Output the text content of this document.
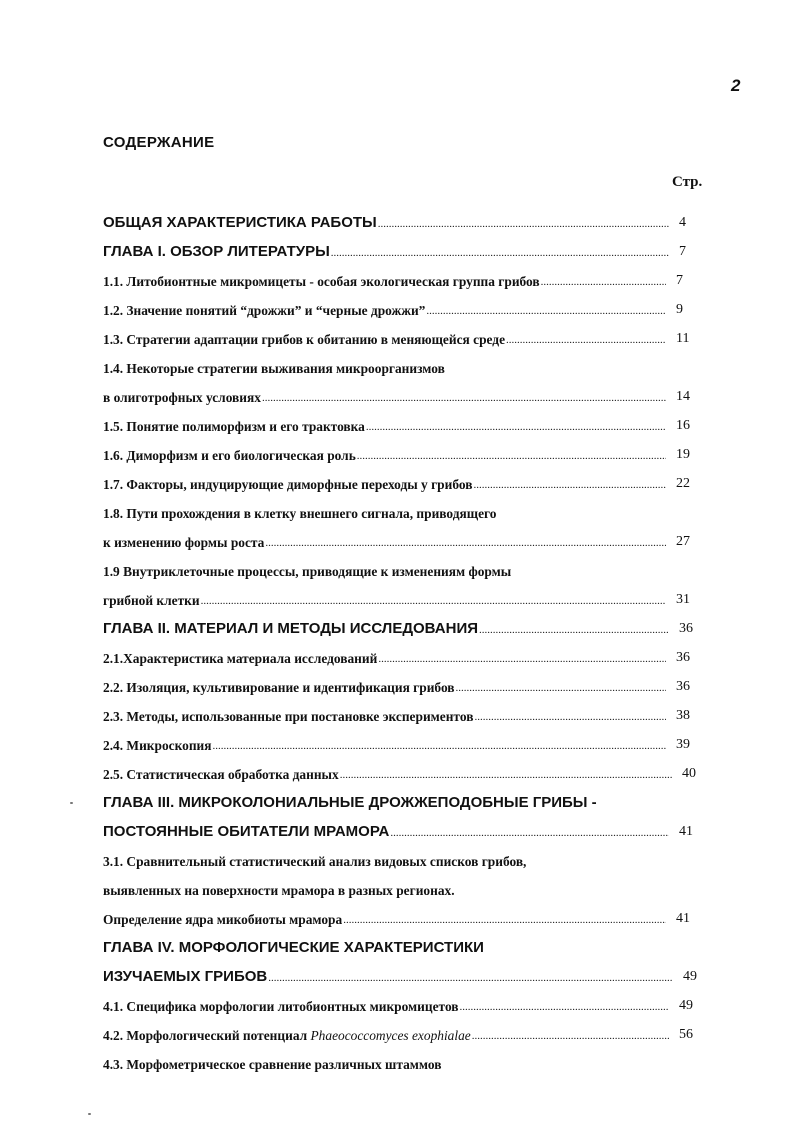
2
СОДЕРЖАНИЕ
Стр.
ОБЩАЯ ХАРАКТЕРИСТИКА РАБОТЫ .....	4
ГЛАВА I. ОБЗОР ЛИТЕРАТУРЫ .....	7
1.1. Литобионтные микромицеты - особая экологическая группа грибов .....	7
1.2. Значение понятий “дрожжи” и “черные дрожжи” .....	9
1.3. Стратегии адаптации грибов к обитанию в меняющейся среде .....	11
1.4. Некоторые стратегии выживания микроорганизмов
в олиготрофных условиях .....	14
1.5. Понятие полиморфизм и его трактовка .....	16
1.6. Диморфизм и его биологическая роль .....	19
1.7. Факторы, индуцирующие диморфные переходы у грибов .....	22
1.8. Пути прохождения в клетку внешнего сигнала, приводящего
к изменению формы роста .....	27
1.9 Внутриклеточные процессы, приводящие к изменениям формы
грибной клетки .....	31
ГЛАВА II. МАТЕРИАЛ И МЕТОДЫ ИССЛЕДОВАНИЯ .....	36
2.1.Характеристика материала исследований .....	36
2.2. Изоляция, культивирование и идентификация грибов .....	36
2.3. Методы, использованные при постановке экспериментов .....	38
2.4. Микроскопия .....	39
2.5. Статистическая обработка данных .....	40
ГЛАВА III. МИКРОКОЛОНИАЛЬНЫЕ ДРОЖЖЕПОДОБНЫЕ ГРИБЫ -
ПОСТОЯННЫЕ ОБИТАТЕЛИ МРАМОРА .....	41
3.1. Сравнительный статистический анализ видовых списков грибов,
выявленных на поверхности мрамора в разных регионах.
Определение ядра микобиоты мрамора .....	41
ГЛАВА IV. МОРФОЛОГИЧЕСКИЕ ХАРАКТЕРИСТИКИ
ИЗУЧАЕМЫХ ГРИБОВ .....	49
4.1. Специфика морфологии литобионтных микромицетов .....	49
4.2. Морфологический потенциал Phaeococcomyces exophialae .....	56
4.3. Морфометрическое сравнение различных штаммов
